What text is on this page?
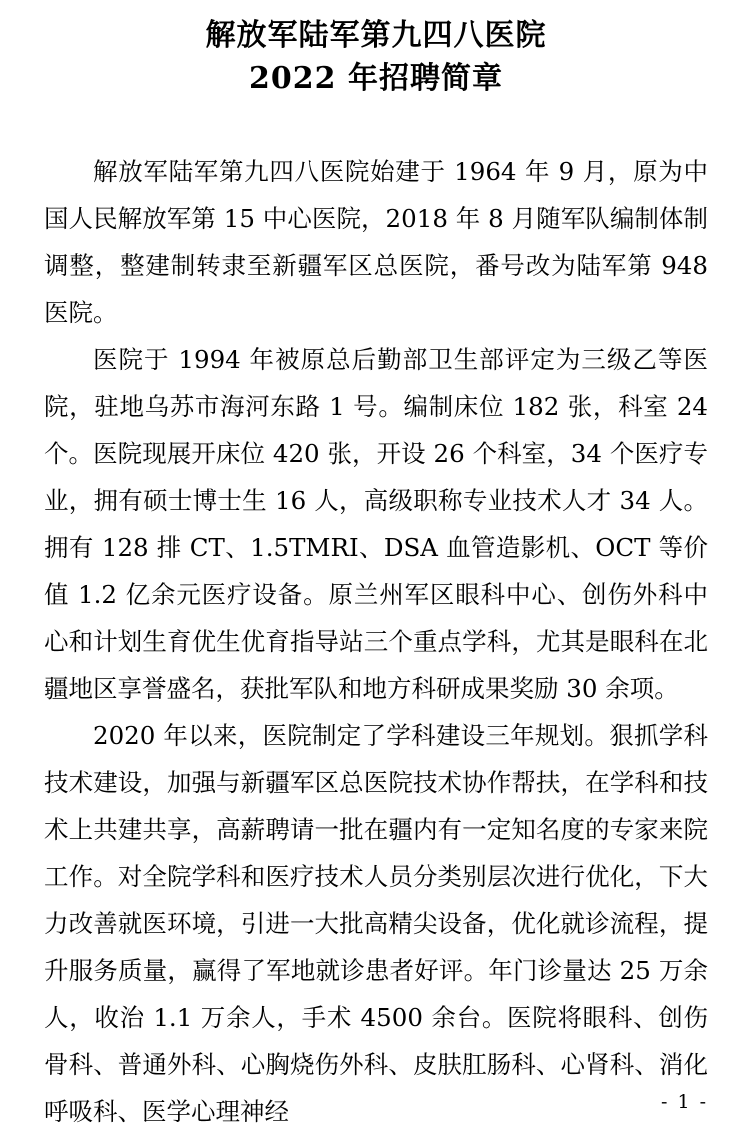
解放军陆军第九四八医院
2022 年招聘简章

解放军陆军第九四八医院始建于 1964 年 9 月，原为中国人民解放军第 15 中心医院，2018 年 8 月随军队编制体制调整，整建制转隶至新疆军区总医院，番号改为陆军第 948 医院。

医院于 1994 年被原总后勤部卫生部评定为三级乙等医院，驻地乌苏市海河东路 1 号。编制床位 182 张，科室 24 个。医院现展开床位 420 张，开设 26 个科室，34 个医疗专业，拥有硕士博士生 16 人，高级职称专业技术人才 34 人。拥有 128 排 CT、1.5TMRI、DSA 血管造影机、OCT 等价值 1.2 亿余元医疗设备。原兰州军区眼科中心、创伤外科中心和计划生育优生优育指导站三个重点学科，尤其是眼科在北疆地区享誉盛名，获批军队和地方科研成果奖励 30 余项。

2020 年以来，医院制定了学科建设三年规划。狠抓学科技术建设，加强与新疆军区总医院技术协作帮扶，在学科和技术上共建共享，高薪聘请一批在疆内有一定知名度的专家来院工作。对全院学科和医疗技术人员分类别层次进行优化，下大力改善就医环境，引进一大批高精尖设备，优化就诊流程，提升服务质量，赢得了军地就诊患者好评。年门诊量达 25 万余人，收治 1.1 万余人，手术 4500 余台。医院将眼科、创伤骨科、普通外科、心胸烧伤外科、皮肤肛肠科、心肾科、消化呼吸科、医学心理神经	- 1 -
